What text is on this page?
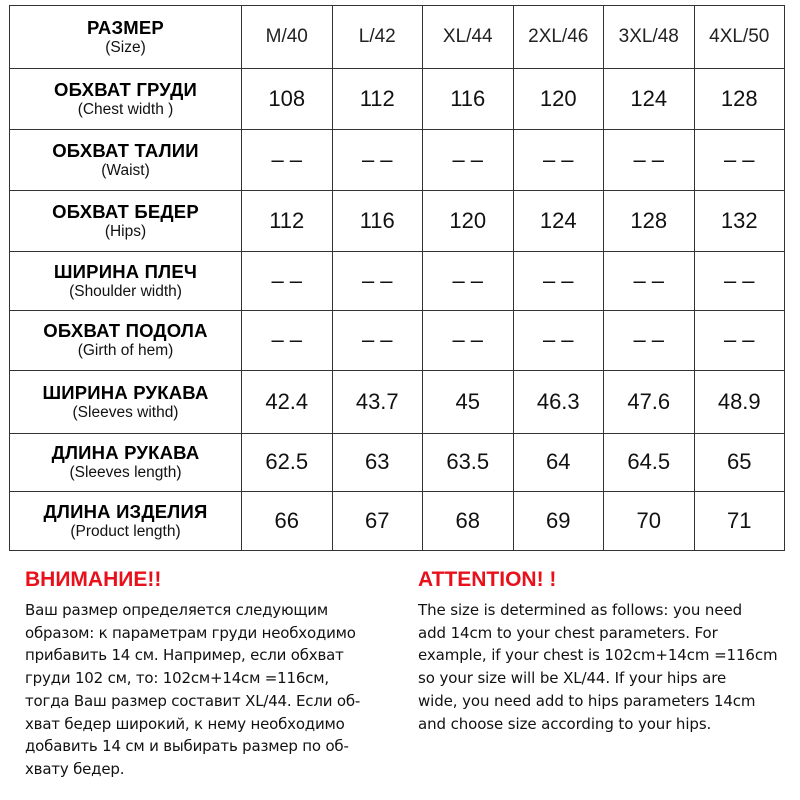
РАЗМЕР
(Size)	M/40	L/42	XL/44	2XL/46	3XL/48	4XL/50

ОБХВАТ ГРУДИ
(Chest width )	108	112	116	120	124	128

ОБХВАТ ТАЛИИ
(Waist)	– –	– –	– –	– –	– –	– –

ОБХВАТ БЕДЕР
(Hips)	112	116	120	124	128	132

ШИРИНА ПЛЕЧ
(Shoulder width)	– –	– –	– –	– –	– –	– –

ОБХВАТ ПОДОЛА
(Girth of hem)	– –	– –	– –	– –	– –	– –

ШИРИНА РУКАВА
(Sleeves withd)	42.4	43.7	45	46.3	47.6	48.9

ДЛИНА РУКАВА
(Sleeves length)	62.5	63	63.5	64	64.5	65

ДЛИНА ИЗДЕЛИЯ
(Product length)	66	67	68	69	70	71
ВНИМАНИЕ!!
Ваш размер определяется следующим
образом: к параметрам груди необходимо
прибавить 14 см. Например, если обхват
груди 102 см, то: 102см+14см =116см,
тогда Ваш размер составит XL/44. Если об-
хват бедер широкий, к нему необходимо
добавить 14 см и выбирать размер по об-
хвату бедер.
ATTENTION! !
The size is determined as follows: you need
add 14cm to your chest parameters. For
example, if your chest is 102cm+14cm =116cm
so your size will be XL/44. If your hips are
wide, you need add to hips parameters 14cm
and choose size according to your hips.
